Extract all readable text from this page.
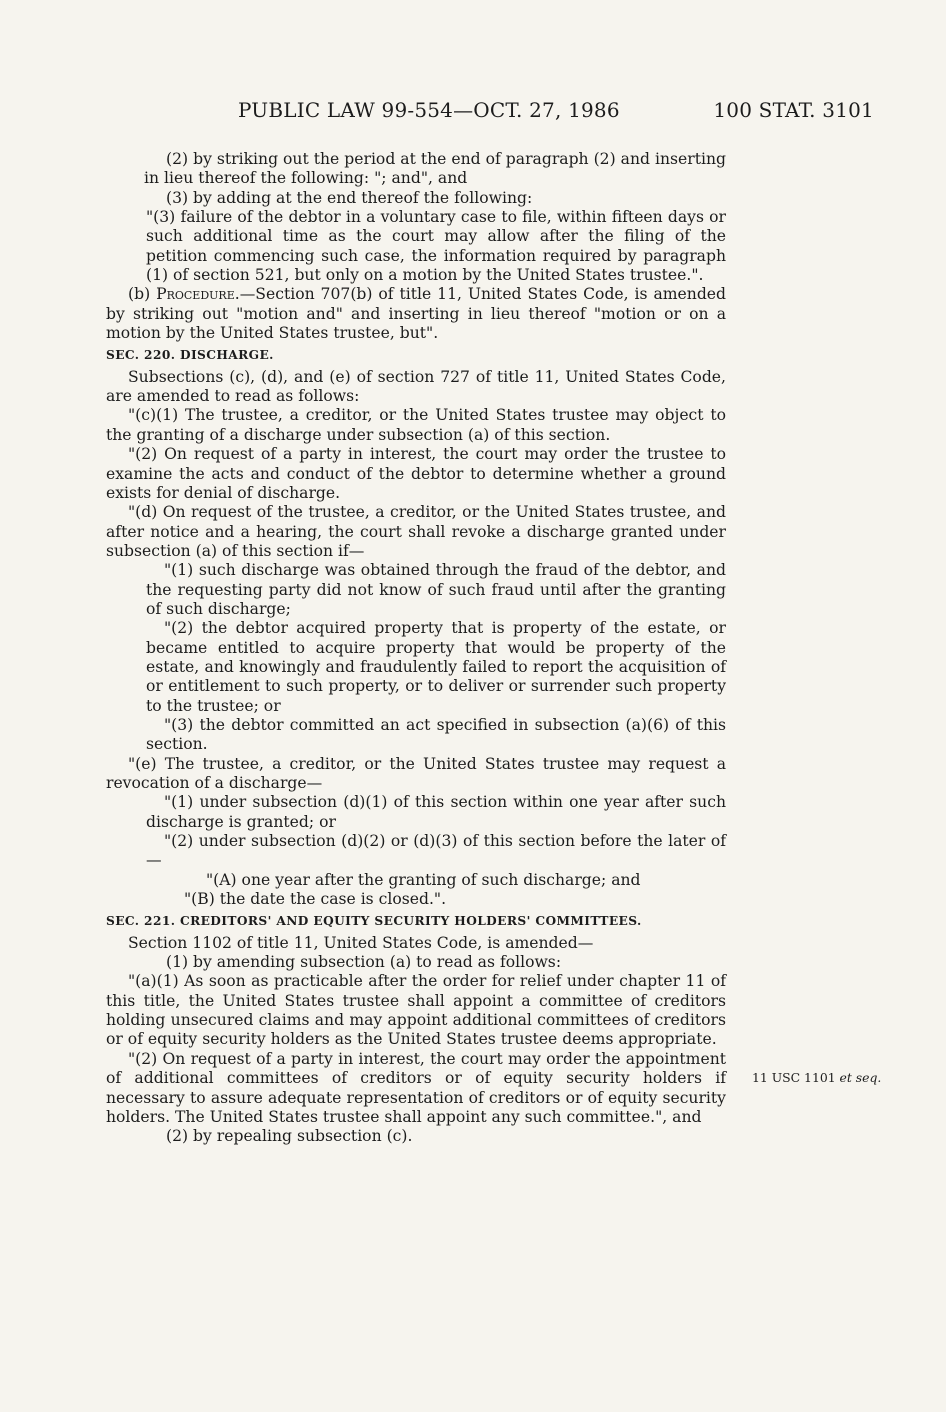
PUBLIC LAW 99-554—OCT. 27, 1986	100 STAT. 3101

(2) by striking out the period at the end of paragraph (2) and inserting in lieu thereof the following: "; and", and

(3) by adding at the end thereof the following:

"(3) failure of the debtor in a voluntary case to file, within fifteen days or such additional time as the court may allow after the filing of the petition commencing such case, the information required by paragraph (1) of section 521, but only on a motion by the United States trustee.".

(b) Procedure.—Section 707(b) of title 11, United States Code, is amended by striking out "motion and" and inserting in lieu thereof "motion or on a motion by the United States trustee, but".

SEC. 220. DISCHARGE.

Subsections (c), (d), and (e) of section 727 of title 11, United States Code, are amended to read as follows:

"(c)(1) The trustee, a creditor, or the United States trustee may object to the granting of a discharge under subsection (a) of this section.

"(2) On request of a party in interest, the court may order the trustee to examine the acts and conduct of the debtor to determine whether a ground exists for denial of discharge.

"(d) On request of the trustee, a creditor, or the United States trustee, and after notice and a hearing, the court shall revoke a discharge granted under subsection (a) of this section if—

"(1) such discharge was obtained through the fraud of the debtor, and the requesting party did not know of such fraud until after the granting of such discharge;

"(2) the debtor acquired property that is property of the estate, or became entitled to acquire property that would be property of the estate, and knowingly and fraudulently failed to report the acquisition of or entitlement to such property, or to deliver or surrender such property to the trustee; or

"(3) the debtor committed an act specified in subsection (a)(6) of this section.

"(e) The trustee, a creditor, or the United States trustee may request a revocation of a discharge—

"(1) under subsection (d)(1) of this section within one year after such discharge is granted; or

"(2) under subsection (d)(2) or (d)(3) of this section before the later of—

"(A) one year after the granting of such discharge; and

"(B) the date the case is closed.".

SEC. 221. CREDITORS' AND EQUITY SECURITY HOLDERS' COMMITTEES.

Section 1102 of title 11, United States Code, is amended—

(1) by amending subsection (a) to read as follows:

"(a)(1) As soon as practicable after the order for relief under chapter 11 of this title, the United States trustee shall appoint a committee of creditors holding unsecured claims and may appoint additional committees of creditors or of equity security holders as the United States trustee deems appropriate.

"(2) On request of a party in interest, the court may order the appointment of additional committees of creditors or of equity security holders if necessary to assure adequate representation of creditors or of equity security holders. The United States trustee shall appoint any such committee.", and

(2) by repealing subsection (c).

11 USC 1101 et seq.
